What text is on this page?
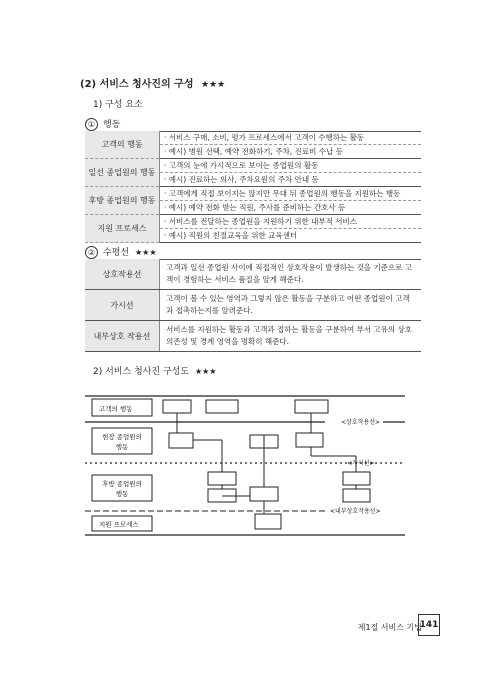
(2) 서비스 청사진의 구성 ★★★
1) 구성 요소
① 행동
고객의 행동	· 서비스 구매, 소비, 평가 프로세스에서 고객이 수행하는 활동
	· 예시) 병원 선택, 예약 전화하기, 주차, 진료비 수납 등
일선 종업원의 행동	· 고객의 눈에 가시적으로 보이는 종업원의 활동
	· 예시) 진료하는 의사, 주차요원의 주차 안내 등
후방 종업원의 행동	· 고객에게 직접 보이지는 않지만 무대 뒤 종업원의 행동을 지원하는 행동
	· 예시) 예약 전화 받는 직원, 주사를 준비하는 간호사 등
지원 프로세스	· 서비스를 전달하는 종업원을 지원하기 위한 내부적 서비스
	· 예시) 직원의 친절교육을 위한 교육센터
② 수평선 ★★★
상호작용선	고객과 일선 종업원 사이에 직접적인 상호작용이 발생하는 것을 기준으로 고객이 경험하는 서비스 품질을 알게 해준다.
가시선	고객이 볼 수 있는 영역과 그렇지 않은 활동을 구분하고 어떤 종업원이 고객과 접촉하는지를 알려준다.
내부상호 작용선	서비스를 지원하는 활동과 고객과 접하는 활동을 구분하여 부서 고유의 상호 의존성 및 경계 영역을 명확히 해준다.
2) 서비스 청사진 구성도 ★★★
고객의 행동
현장 종업원의
행동
후방 종업원의
행동
지원 프로세스
<상호작용선>
<가시선>
<내부상호작용선>
제1절 서비스 기법
141
